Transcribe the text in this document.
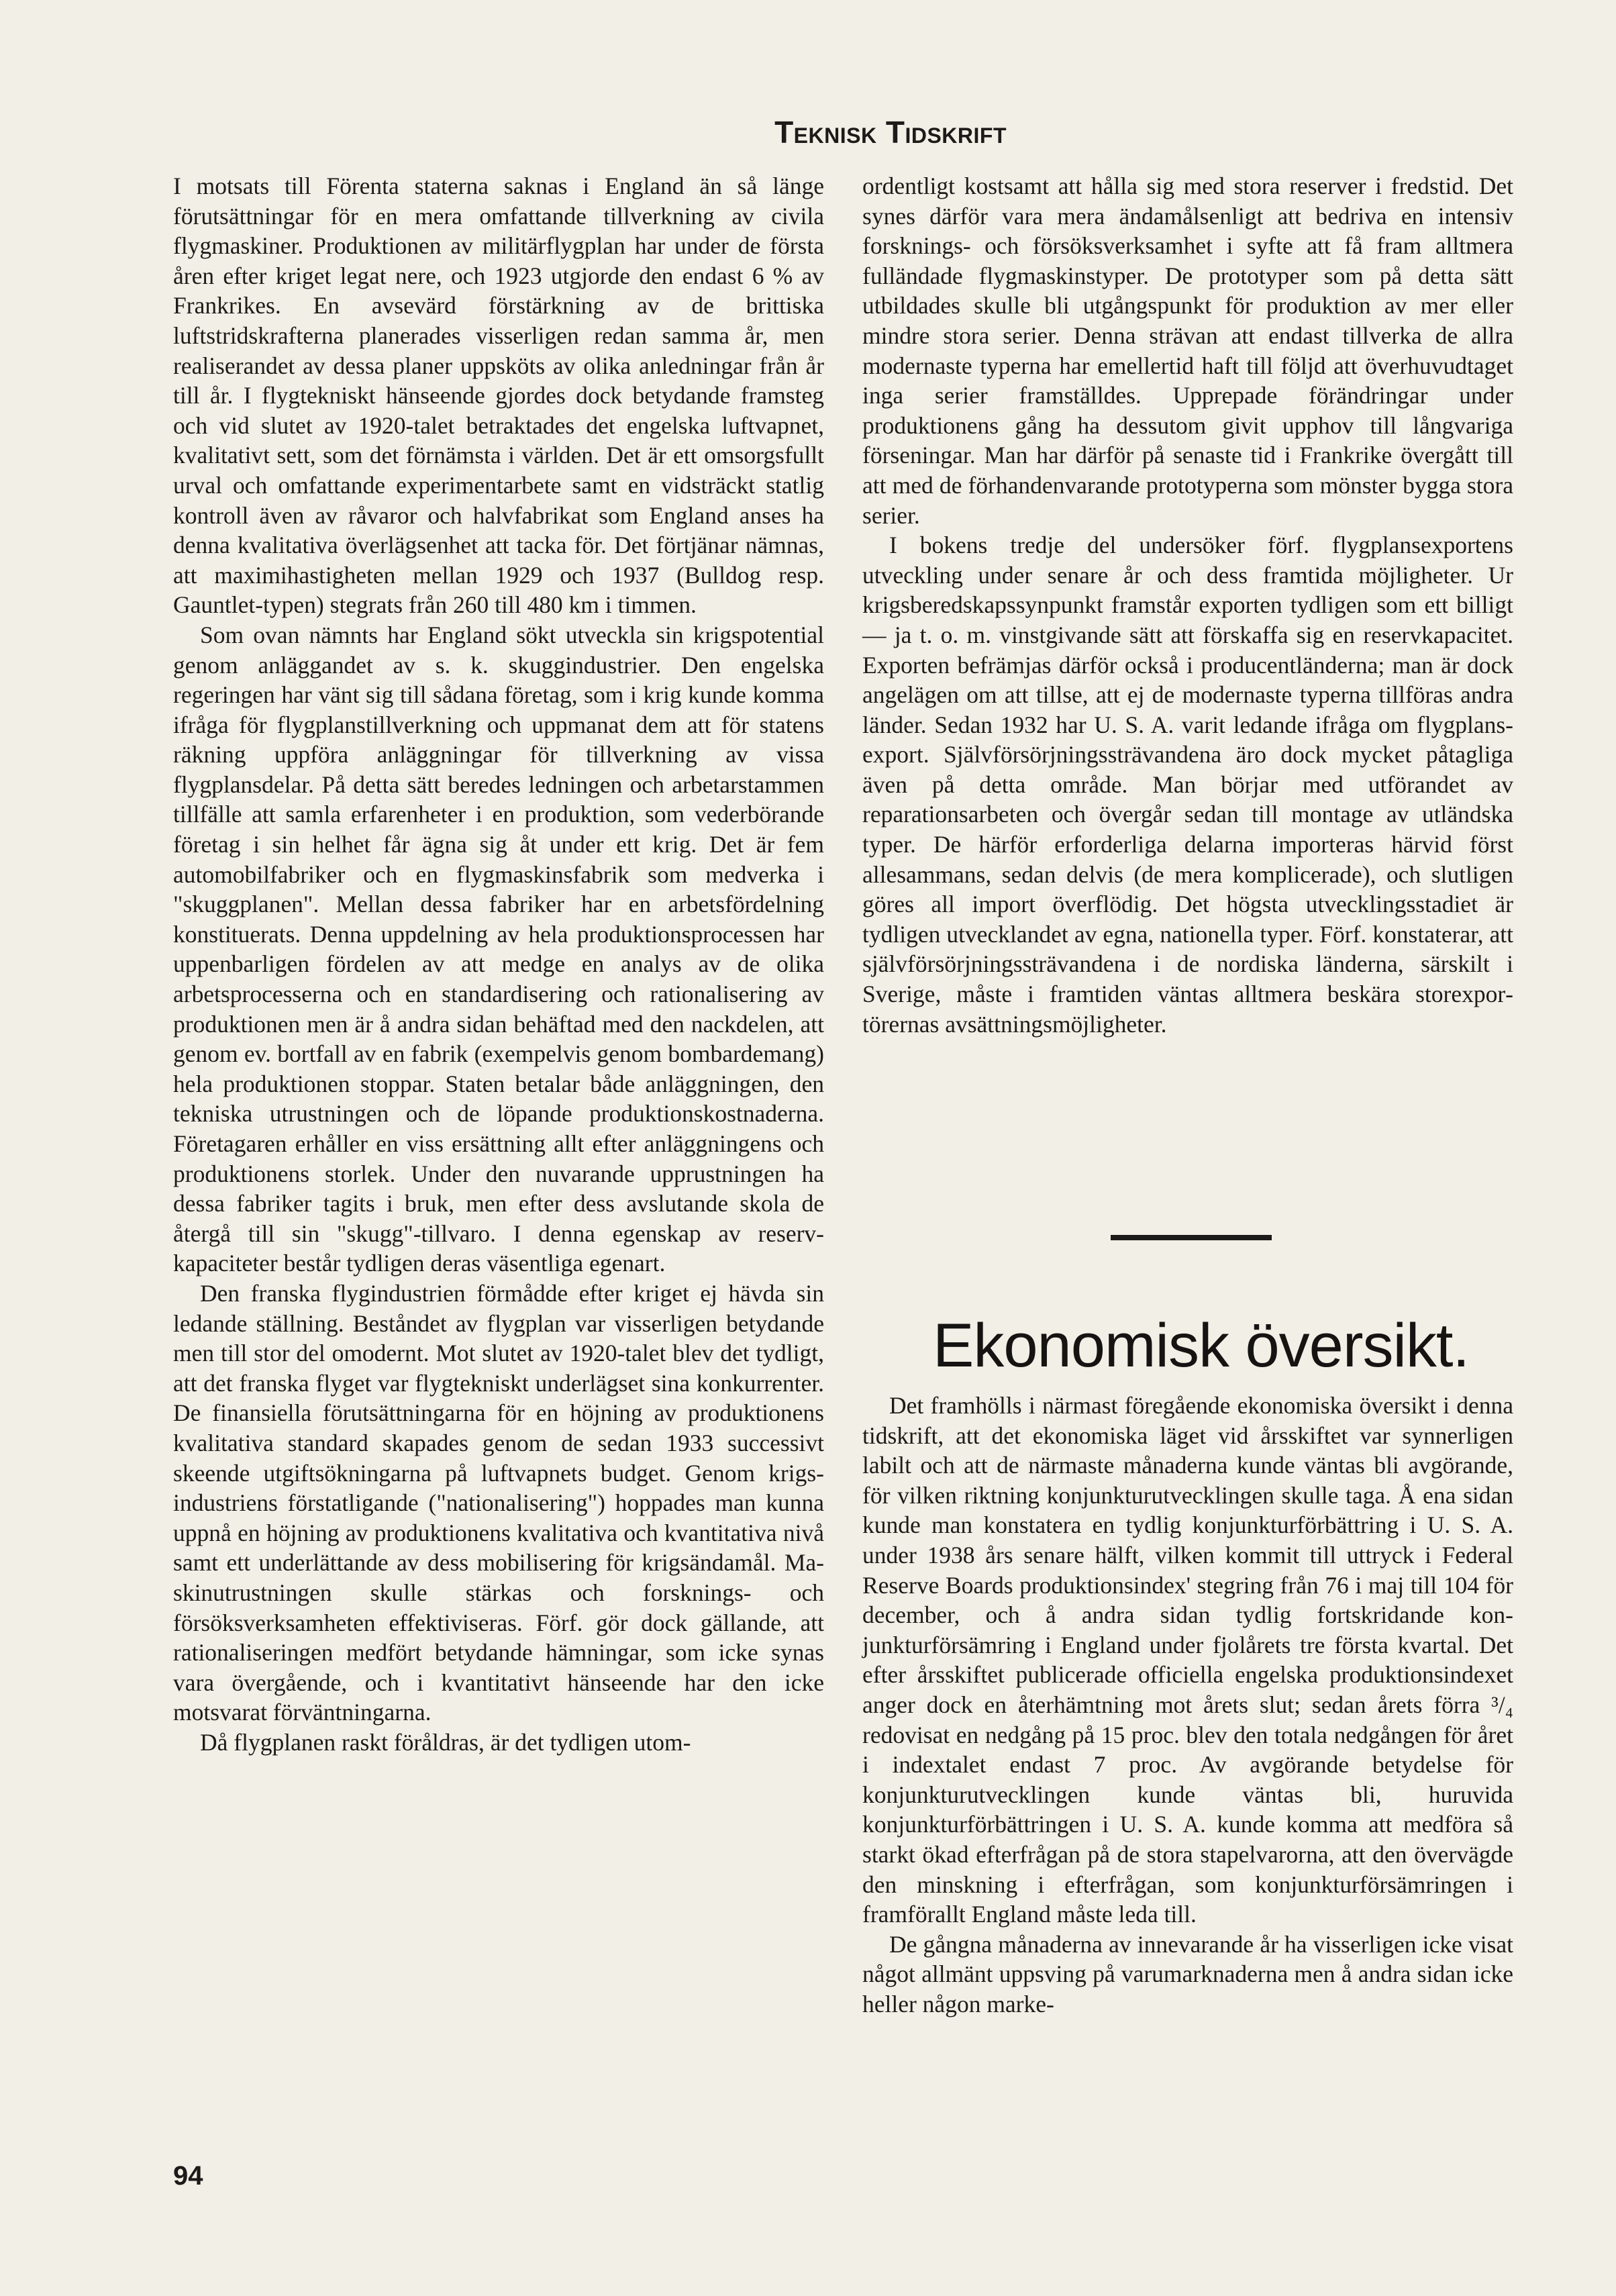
Teknisk Tidskrift

I motsats till Förenta staterna saknas i England än så länge förutsättningar för en mera omfattande tillverkning av civila flygmaskiner. Produktionen av militärflygplan har under de första åren efter kriget legat nere, och 1923 utgjorde den endast 6 % av Frankrikes. En avsevärd förstärkning av de brittiska luftstridskrafterna planerades visserligen redan samma år, men realiserandet av dessa planer uppsköts av olika anledningar från år till år. I flygtekniskt hänseende gjordes dock betydande framsteg och vid slutet av 1920-talet betraktades det engelska luftvapnet, kvalitativt sett, som det förnämsta i världen. Det är ett omsorgsfullt urval och omfattande experimentarbete samt en vidsträckt statlig kontroll även av råvaror och halvfabrikat som England anses ha denna kvalitativa överlägsenhet att tacka för. Det förtjänar nämnas, att maximihastigheten mellan 1929 och 1937 (Bulldog resp. Gauntlet-typen) stegrats från 260 till 480 km i timmen.

Som ovan nämnts har England sökt utveckla sin krigspotential genom anläggandet av s. k. skuggindustrier. Den engelska regeringen har vänt sig till sådana företag, som i krig kunde komma ifråga för flygplanstillverkning och uppmanat dem att för statens räkning uppföra anläggningar för tillverkning av vissa flygplansdelar. På detta sätt beredes ledningen och arbetarstammen tillfälle att samla erfarenheter i en produktion, som vederbörande företag i sin helhet får ägna sig åt under ett krig. Det är fem automobilfabriker och en flygmaskinsfabrik som medverka i "skuggplanen". Mellan dessa fabriker har en arbetsfördelning konstituerats. Denna uppdelning av hela produktionsprocessen har uppenbarligen fördelen av att medge en analys av de olika arbetsprocesserna och en standardisering och rationalisering av produktionen men är å andra sidan behäftad med den nackdelen, att genom ev. bortfall av en fabrik (exempelvis genom bombardemang) hela produktionen stoppar. Staten betalar både anläggningen, den tekniska utrustningen och de löpande produktionskostnaderna. Företagaren erhåller en viss ersättning allt efter anläggningens och produktionens storlek. Under den nuvarande upprustningen ha dessa fabriker tagits i bruk, men efter dess avslutande skola de återgå till sin "skugg"-tillvaro. I denna egenskap av reservkapaciteter består tydligen deras väsentliga egenart.

Den franska flygindustrien förmådde efter kriget ej hävda sin ledande ställning. Beståndet av flygplan var visserligen betydande men till stor del omodernt. Mot slutet av 1920-talet blev det tydligt, att det franska flyget var flygtekniskt underlägset sina konkurrenter. De finansiella förutsättningarna för en höjning av produktionens kvalitativa standard skapades genom de sedan 1933 successivt skeende utgiftsökningarna på luftvapnets budget. Genom krigsindustriens förstatligande ("nationalisering") hoppades man kunna uppnå en höjning av produktionens kvalitativa och kvantitativa nivå samt ett underlättande av dess mobilisering för krigsändamål. Maskinutrustningen skulle stärkas och forsknings- och försöksverksamheten effektiviseras. Förf. gör dock gällande, att rationaliseringen medfört betydande hämningar, som icke synas vara övergående, och i kvantitativt hänseende har den icke motsvarat förväntningarna.

Då flygplanen raskt föråldras, är det tydligen utom-

ordentligt kostsamt att hålla sig med stora reserver i fredstid. Det synes därför vara mera ändamålsenligt att bedriva en intensiv forsknings- och försöksverksamhet i syfte att få fram alltmera fulländade flygmaskinstyper. De prototyper som på detta sätt utbildades skulle bli utgångspunkt för produktion av mer eller mindre stora serier. Denna strävan att endast tillverka de allra modernaste typerna har emellertid haft till följd att överhuvudtaget inga serier framställdes. Upprepade förändringar under produktionens gång ha dessutom givit upphov till långvariga förseningar. Man har därför på senaste tid i Frankrike övergått till att med de förhandenvarande prototyperna som mönster bygga stora serier.

I bokens tredje del undersöker förf. flygplansexportens utveckling under senare år och dess framtida möjligheter. Ur krigsberedskapssynpunkt framstår exporten tydligen som ett billigt — ja t. o. m. vinstgivande sätt att förskaffa sig en reservkapacitet. Exporten befrämjas därför också i producentländerna; man är dock angelägen om att tillse, att ej de modernaste typerna tillföras andra länder. Sedan 1932 har U. S. A. varit ledande ifråga om flygplansexport. Självförsörjningssträvandena äro dock mycket påtagliga även på detta område. Man börjar med utförandet av reparationsarbeten och övergår sedan till montage av utländska typer. De härför erforderliga delarna importeras härvid först allesammans, sedan delvis (de mera komplicerade), och slutligen göres all import överflödig. Det högsta utvecklingsstadiet är tydligen utvecklandet av egna, nationella typer. Förf. konstaterar, att självförsörjningssträvandena i de nordiska länderna, särskilt i Sverige, måste i framtiden väntas alltmera beskära storexportörernas avsättningsmöjligheter.

Ekonomisk översikt.

Det framhölls i närmast föregående ekonomiska översikt i denna tidskrift, att det ekonomiska läget vid årsskiftet var synnerligen labilt och att de närmaste månaderna kunde väntas bli avgörande, för vilken riktning konjunkturutvecklingen skulle taga. Å ena sidan kunde man konstatera en tydlig konjunkturförbättring i U. S. A. under 1938 års senare hälft, vilken kommit till uttryck i Federal Reserve Boards produktionsindex' stegring från 76 i maj till 104 för december, och å andra sidan tydlig fortskridande konjunkturförsämring i England under fjolårets tre första kvartal. Det efter årsskiftet publicerade officiella engelska produktionsindexet anger dock en återhämtning mot årets slut; sedan årets förra ³/₄ redovisat en nedgång på 15 proc. blev den totala nedgången för året i indextalet endast 7 proc. Av avgörande betydelse för konjunkturutvecklingen kunde väntas bli, huruvida konjunkturförbättringen i U. S. A. kunde komma att medföra så starkt ökad efterfrågan på de stora stapelvarorna, att den övervägde den minskning i efterfrågan, som konjunkturförsämringen i framförallt England måste leda till.

De gångna månaderna av innevarande år ha visserligen icke visat något allmänt uppsving på varumarknaderna men å andra sidan icke heller någon marke-

94
